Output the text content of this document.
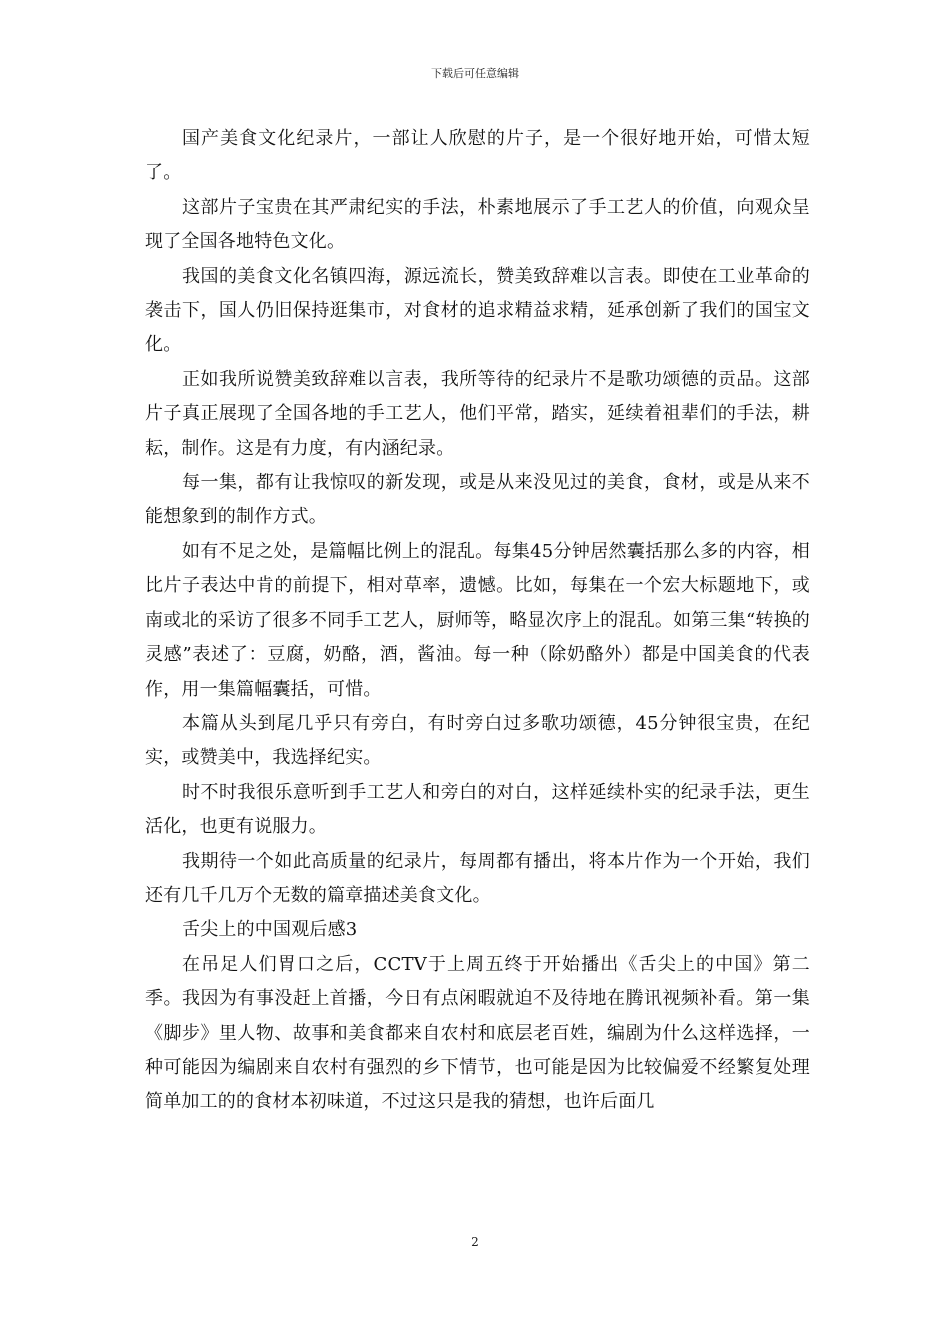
下载后可任意编辑

国产美食文化纪录片，一部让人欣慰的片子，是一个很好地开始，可惜太短了。

这部片子宝贵在其严肃纪实的手法，朴素地展示了手工艺人的价值，向观众呈现了全国各地特色文化。

我国的美食文化名镇四海，源远流长，赞美致辞难以言表。即使在工业革命的袭击下，国人仍旧保持逛集市，对食材的追求精益求精，延承创新了我们的国宝文化。

正如我所说赞美致辞难以言表，我所等待的纪录片不是歌功颂德的贡品。这部片子真正展现了全国各地的手工艺人，他们平常，踏实，延续着祖辈们的手法，耕耘，制作。这是有力度，有内涵纪录。

每一集，都有让我惊叹的新发现，或是从来没见过的美食，食材，或是从来不能想象到的制作方式。

如有不足之处，是篇幅比例上的混乱。每集45分钟居然囊括那么多的内容，相比片子表达中肯的前提下，相对草率，遗憾。比如，每集在一个宏大标题地下，或南或北的采访了很多不同手工艺人，厨师等，略显次序上的混乱。如第三集“转换的灵感”表述了：豆腐，奶酪，酒，酱油。每一种（除奶酪外）都是中国美食的代表作，用一集篇幅囊括，可惜。

本篇从头到尾几乎只有旁白，有时旁白过多歌功颂德，45分钟很宝贵，在纪实，或赞美中，我选择纪实。

时不时我很乐意听到手工艺人和旁白的对白，这样延续朴实的纪录手法，更生活化，也更有说服力。

我期待一个如此高质量的纪录片，每周都有播出，将本片作为一个开始，我们还有几千几万个无数的篇章描述美食文化。

舌尖上的中国观后感3

在吊足人们胃口之后，CCTV于上周五终于开始播出《舌尖上的中国》第二季。我因为有事没赶上首播，今日有点闲暇就迫不及待地在腾讯视频补看。第一集《脚步》里人物、故事和美食都来自农村和底层老百姓，编剧为什么这样选择，一种可能因为编剧来自农村有强烈的乡下情节，也可能是因为比较偏爱不经繁复处理简单加工的的食材本初味道，不过这只是我的猜想，也许后面几

2
